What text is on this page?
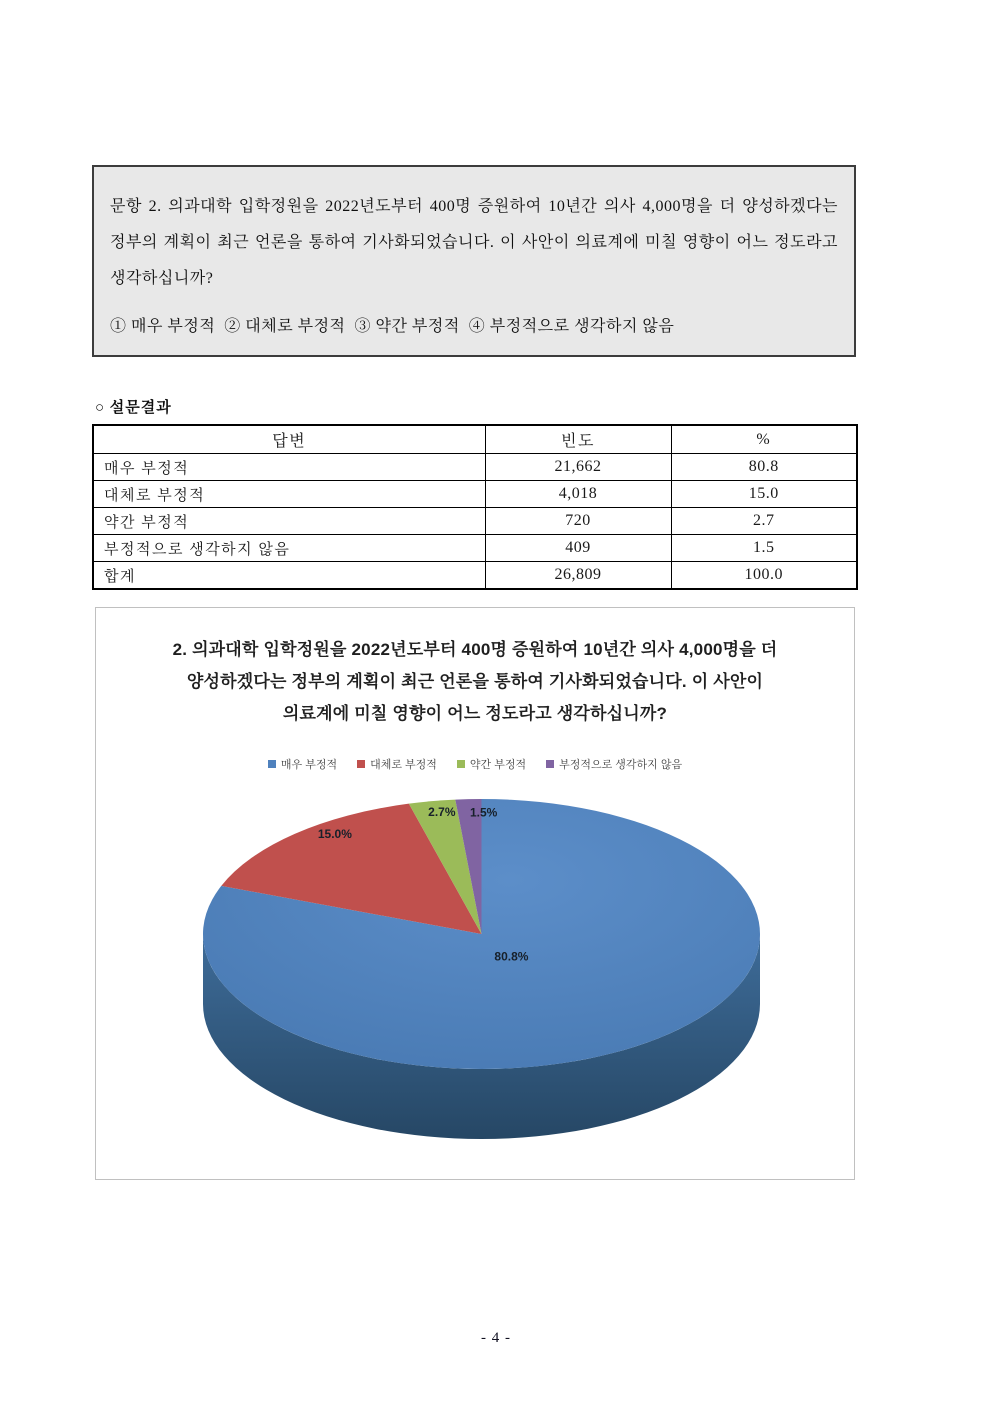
문항 2. 의과대학 입학정원을 2022년도부터 400명 증원하여 10년간 의사 4,000명을 더 양성하겠다는 정부의 계획이 최근 언론을 통하여 기사화되었습니다. 이 사안이 의료계에 미칠 영향이 어느 정도라고 생각하십니까?

① 매우 부정적  ② 대체로 부정적  ③ 약간 부정적  ④ 부정적으로 생각하지 않음

○ 설문결과
답변	빈도	%
매우 부정적	21,662	80.8
대체로 부정적	4,018	15.0
약간 부정적	720	2.7
부정적으로 생각하지 않음	409	1.5
합계	26,809	100.0
80.8%
15.0%
2.7% 1.5%
2. 의과대학 입학정원을 2022년도부터 400명 증원하여 10년간 의사 4,000명을 더
양성하겠다는 정부의 계획이 최근 언론을 통하여 기사화되었습니다. 이 사안이
의료계에 미칠 영향이 어느 정도라고 생각하십니까?
매우 부정적	대체로 부정적	약간 부정적	부정적으로 생각하지 않음
- 4 -
